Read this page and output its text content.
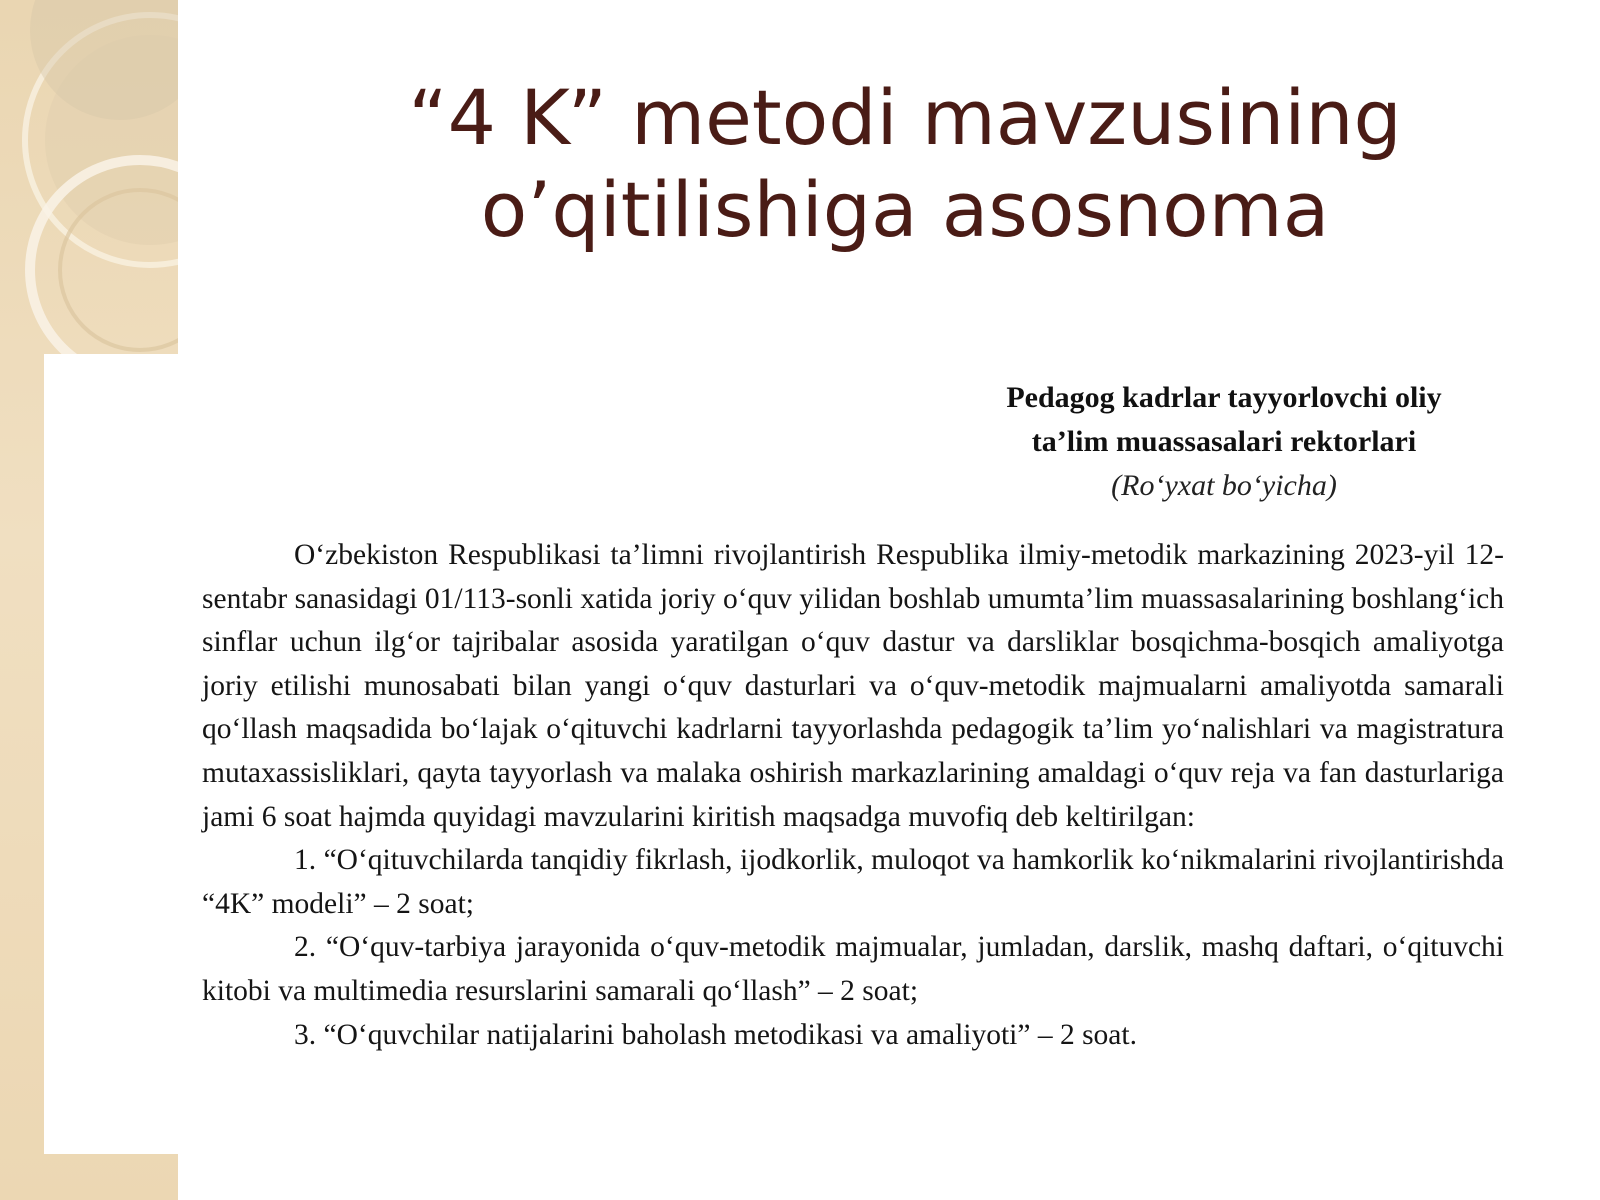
“4 K” metodi mavzusining
o’qitilishiga asosnoma
Pedagog kadrlar tayyorlovchi oliy
ta’lim muassasalari rektorlari
(Ro‘yxat bo‘yicha)

O‘zbekiston Respublikasi ta’limni rivojlantirish Respublika ilmiy-metodik markazining 2023-yil 12-sentabr sanasidagi 01/113-sonli xatida joriy o‘quv yilidan boshlab umumta’lim muassasalarining boshlang‘ich sinflar uchun ilg‘or tajribalar asosida yaratilgan o‘quv dastur va darsliklar bosqichma-bosqich amaliyotga joriy etilishi munosabati bilan yangi o‘quv dasturlari va o‘quv-metodik majmualarni amaliyotda samarali qo‘llash maqsadida bo‘lajak o‘qituvchi kadrlarni tayyorlashda pedagogik ta’lim yo‘nalishlari va magistratura mutaxassisliklari, qayta tayyorlash va malaka oshirish markazlarining amaldagi o‘quv reja va fan dasturlariga jami 6 soat hajmda quyidagi mavzularini kiritish maqsadga muvofiq deb keltirilgan:

1. “O‘qituvchilarda tanqidiy fikrlash, ijodkorlik, muloqot va hamkorlik ko‘nikmalarini rivojlantirishda “4K” modeli” – 2 soat;

2. “O‘quv-tarbiya jarayonida o‘quv-metodik majmualar, jumladan, darslik, mashq daftari, o‘qituvchi kitobi va multimedia resurslarini samarali qo‘llash” – 2 soat;

3. “O‘quvchilar natijalarini baholash metodikasi va amaliyoti” – 2 soat.
